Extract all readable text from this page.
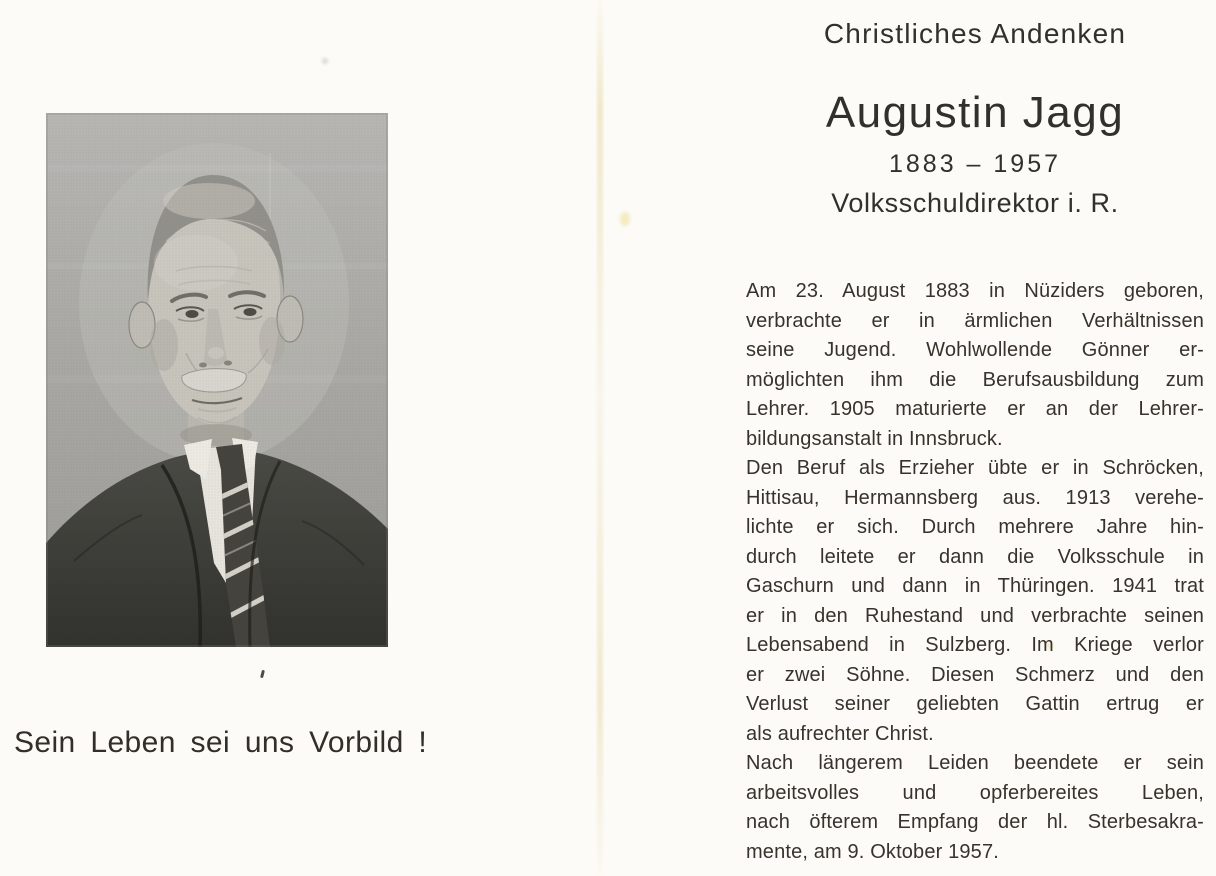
Sein Leben sei uns Vorbild !

Christliches Andenken

Augustin Jagg

1883 – 1957

Volksschuldirektor i. R.

Am 23. August 1883 in Nüziders geboren,
verbrachte er in ärmlichen Verhältnissen
seine Jugend. Wohlwollende Gönner er-
möglichten ihm die Berufsausbildung zum
Lehrer. 1905 maturierte er an der Lehrer-
bildungsanstalt in Innsbruck.
Den Beruf als Erzieher übte er in Schröcken,
Hittisau, Hermannsberg aus. 1913 verehe-
lichte er sich. Durch mehrere Jahre hin-
durch leitete er dann die Volksschule in
Gaschurn und dann in Thüringen. 1941 trat
er in den Ruhestand und verbrachte seinen
Lebensabend in Sulzberg. Im Kriege verlor
er zwei Söhne. Diesen Schmerz und den
Verlust seiner geliebten Gattin ertrug er
als aufrechter Christ.
Nach längerem Leiden beendete er sein
arbeitsvolles und opferbereites Leben,
nach öfterem Empfang der hl. Sterbesakra-
mente, am 9. Oktober 1957.
